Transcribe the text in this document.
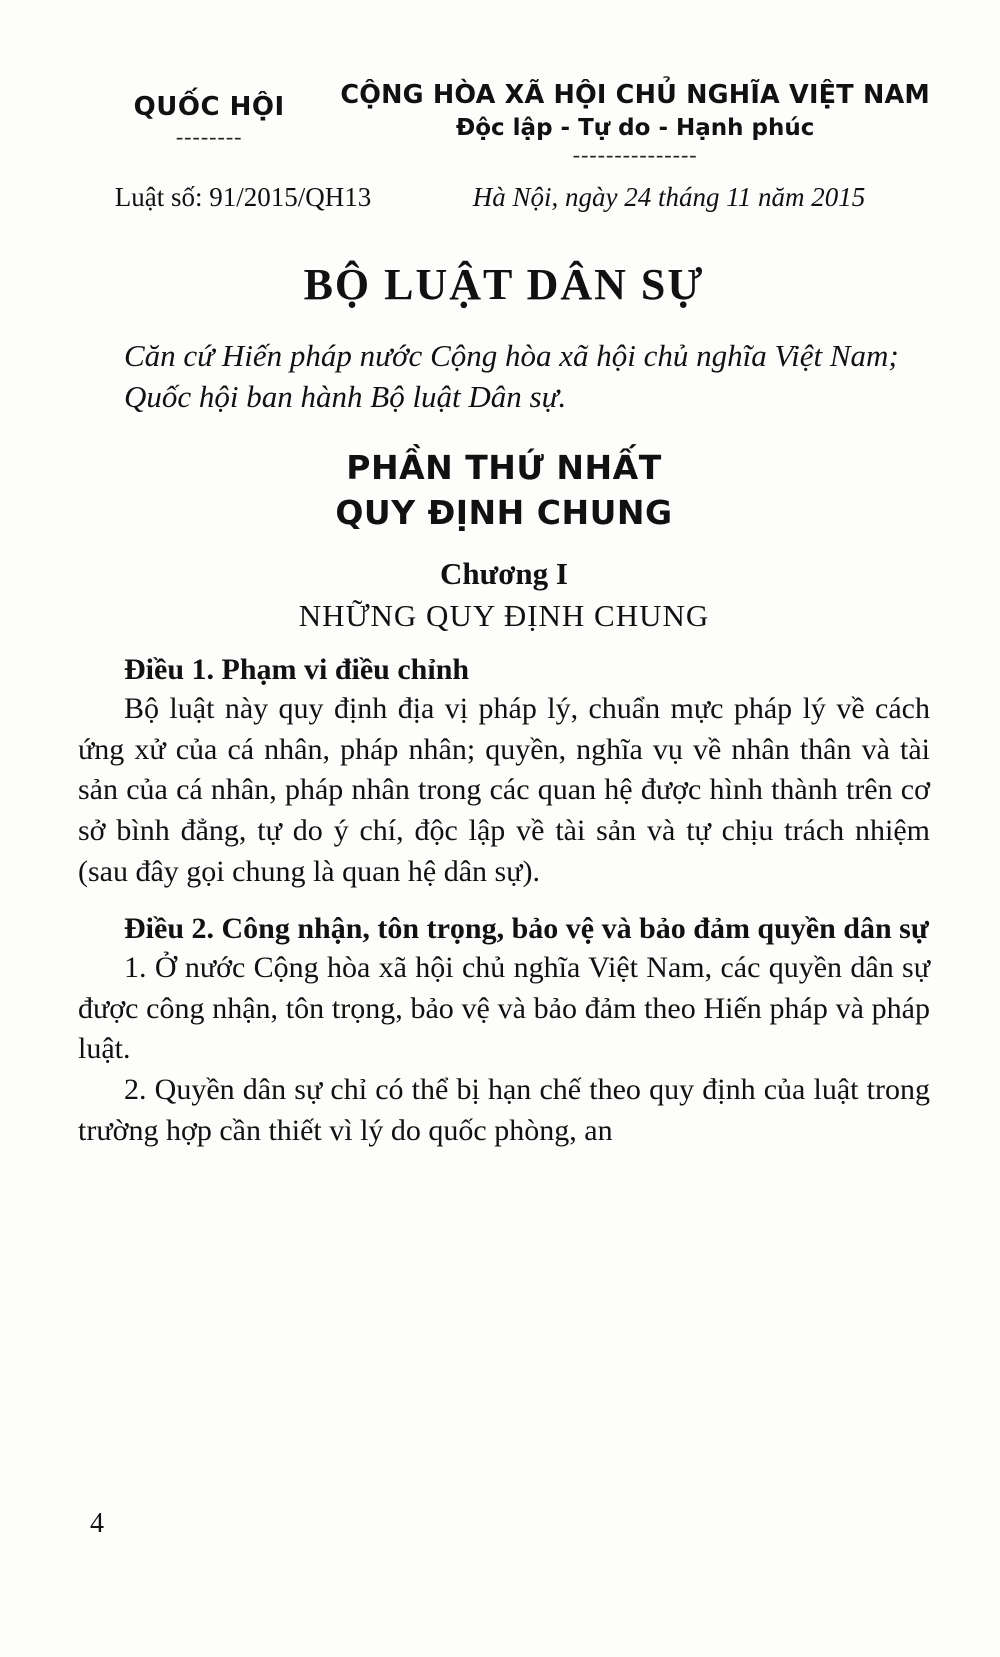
QUỐC HỘI
--------
CỘNG HÒA XÃ HỘI CHỦ NGHĨA VIỆT NAM
Độc lập - Tự do - Hạnh phúc
---------------
Luật số: 91/2015/QH13	Hà Nội, ngày 24 tháng 11 năm 2015
BỘ LUẬT DÂN SỰ

Căn cứ Hiến pháp nước Cộng hòa xã hội chủ nghĩa Việt Nam;

Quốc hội ban hành Bộ luật Dân sự.

PHẦN THỨ NHẤT
QUY ĐỊNH CHUNG
Chương I
NHỮNG QUY ĐỊNH CHUNG
Điều 1. Phạm vi điều chỉnh

Bộ luật này quy định địa vị pháp lý, chuẩn mực pháp lý về cách ứng xử của cá nhân, pháp nhân; quyền, nghĩa vụ về nhân thân và tài sản của cá nhân, pháp nhân trong các quan hệ được hình thành trên cơ sở bình đẳng, tự do ý chí, độc lập về tài sản và tự chịu trách nhiệm (sau đây gọi chung là quan hệ dân sự).

Điều 2. Công nhận, tôn trọng, bảo vệ và bảo đảm quyền dân sự

1. Ở nước Cộng hòa xã hội chủ nghĩa Việt Nam, các quyền dân sự được công nhận, tôn trọng, bảo vệ và bảo đảm theo Hiến pháp và pháp luật.

2. Quyền dân sự chỉ có thể bị hạn chế theo quy định của luật trong trường hợp cần thiết vì lý do quốc phòng, an

4
